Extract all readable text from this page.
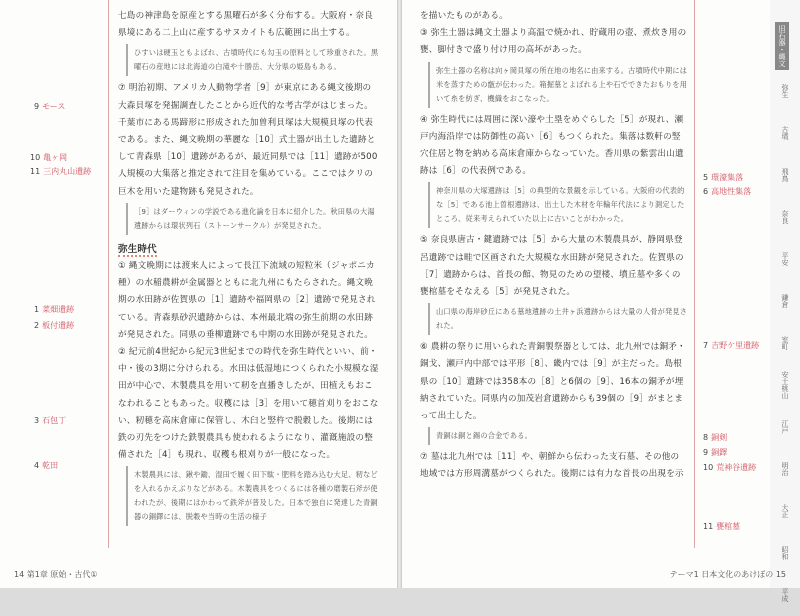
9 モース
10 亀ヶ岡
11 三内丸山遺跡
1 菜畑遺跡
2 板付遺跡
3 石包丁
4 乾田
七島の神津島を原産とする黒曜石が多く分布する。大阪府・奈良県境にある二上山に産するサヌカイトも広範囲に出土する。
ひすいは硬玉ともよばれ、古墳時代にも勾玉の原料として珍重された。黒曜石の産地には北海道の白滝や十勝岳、大分県の姫島もある。
⑦ 明治初期、アメリカ人動物学者［9］が東京にある縄文後期の大森貝塚を発掘調査したことから近代的な考古学がはじまった。千葉市にある馬蹄形に形成された加曽利貝塚は大規模貝塚の代表である。また、縄文晩期の華麗な［10］式土器が出土した遺跡として青森県［10］遺跡があるが、最近同県では［11］遺跡が500人規模の大集落と推定されて注目を集めている。ここではクリの巨木を用いた建物跡も発見された。
［9］はダーウィンの学説である進化論を日本に紹介した。秋田県の大湯遺跡からは環状列石（ストーンサークル）が発見された。
弥生時代
① 縄文晩期には渡来人によって長江下流域の短粒米（ジャポニカ種）の水稲農耕が金属器とともに北九州にもたらされた。縄文晩期の水田跡が佐賀県の［1］遺跡や福岡県の［2］遺跡で発見されている。青森県砂沢遺跡からは、本州最北端の弥生前期の水田跡が発見された。同県の垂柳遺跡でも中期の水田跡が発見された。
② 紀元前4世紀から紀元3世紀までの時代を弥生時代といい、前・中・後の3期に分けられる。水田は低湿地につくられた小規模な湿田が中心で、木製農具を用いて籾を直播きしたが、田植えもおこなわれることもあった。収穫には［3］を用いて穂首刈りをおこない、籾穂を高床倉庫に保管し、木臼と竪杵で脱穀した。後期には鉄の刃先をつけた鉄製農具も使われるようになり、灌漑施設の整備された［4］も現れ、収穫も根刈りが一般になった。
木製農具には、鍬や鋤、湿田で履く田下駄・肥料を踏み込む大足、籾などを入れるかえぶりなどがある。木製農具をつくるには各種の磨製石斧が使われたが、後期にはかわって鉄斧が普及した。日本で独自に発達した青銅器の銅鐸には、脱穀や当時の生活の様子
14 第1章 原始・古代①
を描いたものがある。
③ 弥生土器は縄文土器より高温で焼かれ、貯蔵用の壺、煮炊き用の甕、脚付きで盛り付け用の高坏があった。
弥生土器の名称は向ヶ岡貝塚の所在地の地名に由来する。古墳時代中期には米を蒸すための甑が伝わった。箱掘墓とよばれる上や石でできたおもりを用いて糸を紡ぎ、機織をおこなった。
④ 弥生時代には周囲に深い濠や土塁をめぐらした［5］が現れ、瀬戸内海沿岸では防御性の高い［6］もつくられた。集落は数軒の竪穴住居と物を納める高床倉庫からなっていた。香川県の紫雲出山遺跡は［6］の代表例である。
神奈川県の大塚遺跡は［5］の典型的な景観を示している。大阪府の代表的な［5］である池上曽根遺跡は、出土した木材を年輪年代法により測定したところ、従来考えられていた以上に古いことがわかった。
⑤ 奈良県唐古・鍵遺跡では［5］から大量の木製農具が、静岡県登呂遺跡では畦で区画された大規模な水田跡が発見された。佐賀県の［7］遺跡からは、首長の館、物見のための望楼、墳丘墓や多くの甕棺墓をそなえる［5］が発見された。
山口県の海岸砂丘にある墓地遺跡の土井ヶ浜遺跡からは大量の人骨が発見された。
⑥ 農耕の祭りに用いられた青銅製祭器としては、北九州では銅矛・銅戈、瀬戸内中部では平形［8］、畿内では［9］が主だった。島根県の［10］遺跡では358本の［8］と6個の［9］、16本の銅矛が埋納されていた。同県内の加茂岩倉遺跡からも39個の［9］がまとまって出土した。
青銅は銅と錫の合金である。
⑦ 墓は北九州では［11］や、朝鮮から伝わった支石墓、その他の地域では方形周溝墓がつくられた。後期には有力な首長の出現を示
5 環濠集落
6 高地性集落
7 吉野ケ里遺跡
8 銅剣
9 銅鐸
10 荒神谷遺跡
11 甕棺墓
旧石器・縄文
弥生
古墳
飛鳥
奈良
平安
鎌倉
室町
安土桃山
江戸
明治
大正
昭和
平成
テーマ1 日本文化のあけぼの 15
